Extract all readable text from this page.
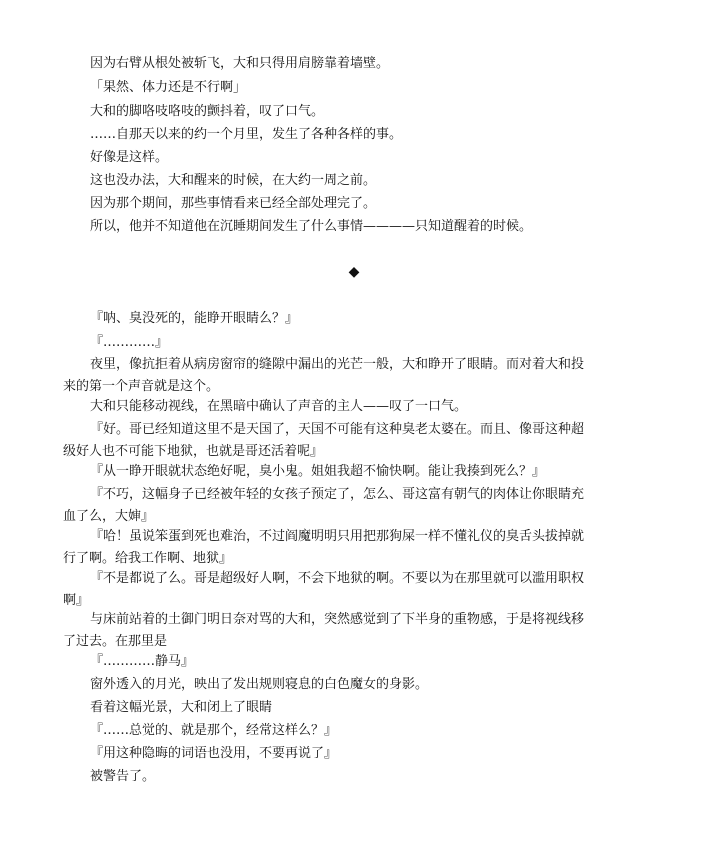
因为右臂从根处被斩飞，大和只得用肩膀靠着墙壁。

「果然、体力还是不行啊」

大和的脚咯吱咯吱的颤抖着，叹了口气。

……自那天以来的约一个月里，发生了各种各样的事。

好像是这样。

这也没办法，大和醒来的时候，在大约一周之前。

因为那个期间，那些事情看来已经全部处理完了。

所以，他并不知道他在沉睡期间发生了什么事情————只知道醒着的时候。

◆

『呐、臭没死的，能睁开眼睛么？』

『…………』

夜里，像抗拒着从病房窗帘的缝隙中漏出的光芒一般，大和睁开了眼睛。而对着大和投来的第一个声音就是这个。

大和只能移动视线，在黑暗中确认了声音的主人——叹了一口气。

『好。哥已经知道这里不是天国了，天国不可能有这种臭老太婆在。而且、像哥这种超级好人也不可能下地狱，也就是哥还活着呢』

『从一睁开眼就状态绝好呢，臭小鬼。姐姐我超不愉快啊。能让我揍到死么？』

『不巧，这幅身子已经被年轻的女孩子预定了，怎么、哥这富有朝气的肉体让你眼睛充血了么，大婶』

『哈！虽说笨蛋到死也难治，不过阎魔明明只用把那狗屎一样不懂礼仪的臭舌头拔掉就行了啊。给我工作啊、地狱』

『不是都说了么。哥是超级好人啊，不会下地狱的啊。不要以为在那里就可以滥用职权啊』

与床前站着的土御门明日奈对骂的大和，突然感觉到了下半身的重物感，于是将视线移了过去。在那里是

『…………静马』

窗外透入的月光，映出了发出规则寝息的白色魔女的身影。

看着这幅光景，大和闭上了眼睛

『……总觉的、就是那个，经常这样么？』

『用这种隐晦的词语也没用，不要再说了』

被警告了。
